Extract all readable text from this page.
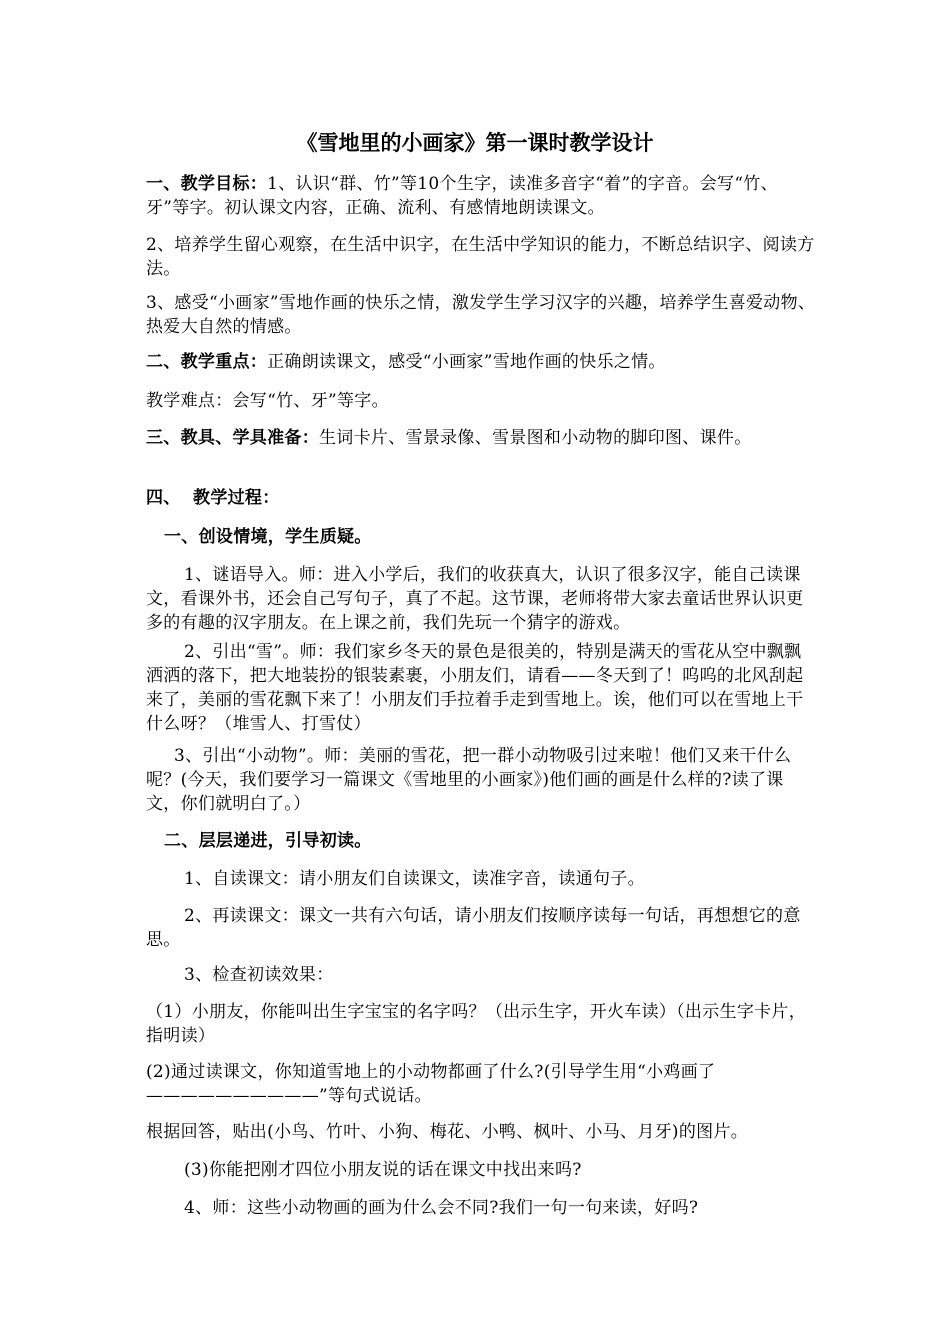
《雪地里的小画家》第一课时教学设计

一、教学目标：1、认识“群、竹”等10个生字，读准多音字“着”的字音。会写“竹、牙”等字。初认课文内容，正确、流利、有感情地朗读课文。

2、培养学生留心观察，在生活中识字，在生活中学知识的能力，不断总结识字、阅读方法。

3、感受“小画家”雪地作画的快乐之情，激发学生学习汉字的兴趣，培养学生喜爱动物、热爱大自然的情感。

二、教学重点：正确朗读课文，感受“小画家”雪地作画的快乐之情。

教学难点：会写“竹、牙”等字。

三、教具、学具准备：生词卡片、雪景录像、雪景图和小动物的脚印图、课件。

四、  教学过程：

一、创设情境，学生质疑。

1、谜语导入。师：进入小学后，我们的收获真大，认识了很多汉字，能自己读课文，看课外书，还会自己写句子，真了不起。这节课，老师将带大家去童话世界认识更多的有趣的汉字朋友。在上课之前，我们先玩一个猜字的游戏。

2、引出“雪”。师：我们家乡冬天的景色是很美的，特别是满天的雪花从空中飘飘洒洒的落下，把大地装扮的银装素裹，小朋友们，请看——冬天到了！呜呜的北风刮起来了，美丽的雪花飘下来了！小朋友们手拉着手走到雪地上。诶，他们可以在雪地上干什么呀？（堆雪人、打雪仗）

3、引出“小动物”。师：美丽的雪花，把一群小动物吸引过来啦！他们又来干什么呢？(今天，我们要学习一篇课文《雪地里的小画家》)他们画的画是什么样的?读了课文，你们就明白了。）

二、层层递进，引导初读。

1、自读课文：请小朋友们自读课文，读准字音，读通句子。

2、再读课文：课文一共有六句话，请小朋友们按顺序读每一句话，再想想它的意思。

3、检查初读效果：

（1）小朋友，你能叫出生字宝宝的名字吗？（出示生字，开火车读）（出示生字卡片，指明读）

(2)通过读课文，你知道雪地上的小动物都画了什么?(引导学生用“小鸡画了——————————”等句式说话。

根据回答，贴出(小鸟、竹叶、小狗、梅花、小鸭、枫叶、小马、月牙)的图片。

(3)你能把刚才四位小朋友说的话在课文中找出来吗?

4、师：这些小动物画的画为什么会不同?我们一句一句来读，好吗?
